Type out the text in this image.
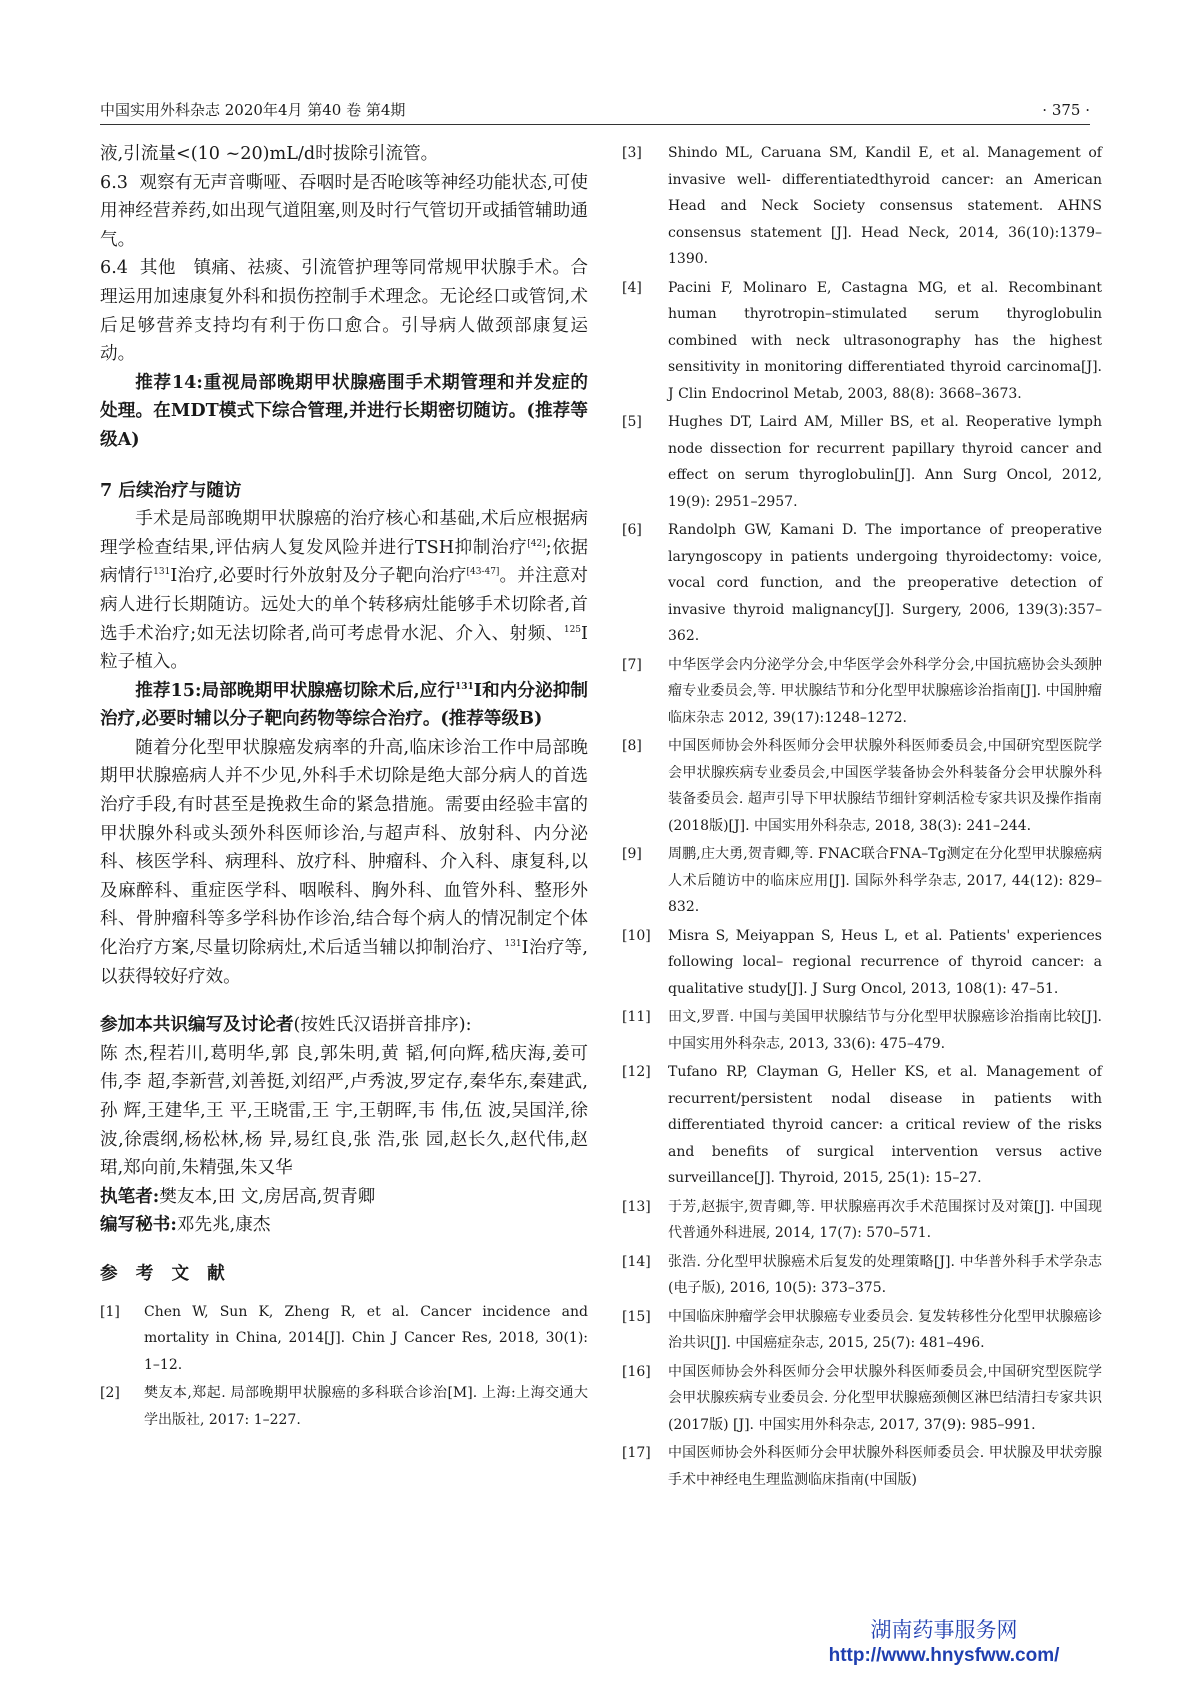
中国实用外科杂志 2020年4月 第40 卷 第4期	· 375 ·

液,引流量<(10 ~20)mL/d时拔除引流管。

6.3 观察有无声音嘶哑、吞咽时是否呛咳等神经功能状态,可使用神经营养药,如出现气道阻塞,则及时行气管切开或插管辅助通气。

6.4 其他 镇痛、祛痰、引流管护理等同常规甲状腺手术。合理运用加速康复外科和损伤控制手术理念。无论经口或管饲,术后足够营养支持均有利于伤口愈合。引导病人做颈部康复运动。

推荐14:重视局部晚期甲状腺癌围手术期管理和并发症的处理。在MDT模式下综合管理,并进行长期密切随访。(推荐等级A)

7 后续治疗与随访

手术是局部晚期甲状腺癌的治疗核心和基础,术后应根据病理学检查结果,评估病人复发风险并进行TSH抑制治疗[42];依据病情行$^{131}$I治疗,必要时行外放射及分子靶向治疗[43-47]。并注意对病人进行长期随访。远处大的单个转移病灶能够手术切除者,首选手术治疗;如无法切除者,尚可考虑骨水泥、介入、射频、$^{125}$I粒子植入。

推荐15:局部晚期甲状腺癌切除术后,应行$^{131}$I和内分泌抑制治疗,必要时辅以分子靶向药物等综合治疗。(推荐等级B)

随着分化型甲状腺癌发病率的升高,临床诊治工作中局部晚期甲状腺癌病人并不少见,外科手术切除是绝大部分病人的首选治疗手段,有时甚至是挽救生命的紧急措施。需要由经验丰富的甲状腺外科或头颈外科医师诊治,与超声科、放射科、内分泌科、核医学科、病理科、放疗科、肿瘤科、介入科、康复科,以及麻醉科、重症医学科、咽喉科、胸外科、血管外科、整形外科、骨肿瘤科等多学科协作诊治,结合每个病人的情况制定个体化治疗方案,尽量切除病灶,术后适当辅以抑制治疗、$^{131}$I治疗等,以获得较好疗效。

参加本共识编写及讨论者(按姓氏汉语拼音排序):

陈 杰,程若川,葛明华,郭 良,郭朱明,黄 韬,何向辉,嵇庆海,姜可伟,李 超,李新营,刘善挺,刘绍严,卢秀波,罗定存,秦华东,秦建武,孙 辉,王建华,王 平,王晓雷,王 宇,王朝晖,韦 伟,伍 波,吴国洋,徐 波,徐震纲,杨松林,杨 异,易红良,张 浩,张 园,赵长久,赵代伟,赵 珺,郑向前,朱精强,朱又华

执笔者:樊友本,田 文,房居高,贺青卿

编写秘书:邓先兆,康杰

参 考 文 献

[1] Chen W, Sun K, Zheng R, et al. Cancer incidence and mortality in China, 2014[J]. Chin J Cancer Res, 2018, 30(1): 1–12.
[2] 樊友本,郑起. 局部晚期甲状腺癌的多科联合诊治[M]. 上海:上海交通大学出版社, 2017: 1–227.
[3] Shindo ML, Caruana SM, Kandil E, et al. Management of invasive well- differentiatedthyroid cancer: an American Head and Neck Society consensus statement. AHNS consensus statement [J]. Head Neck, 2014, 36(10):1379–1390.
[4] Pacini F, Molinaro E, Castagna MG, et al. Recombinant human thyrotropin–stimulated serum thyroglobulin combined with neck ultrasonography has the highest sensitivity in monitoring differentiated thyroid carcinoma[J]. J Clin Endocrinol Metab, 2003, 88(8): 3668–3673.
[5] Hughes DT, Laird AM, Miller BS, et al. Reoperative lymph node dissection for recurrent papillary thyroid cancer and effect on serum thyroglobulin[J]. Ann Surg Oncol, 2012, 19(9): 2951–2957.
[6] Randolph GW, Kamani D. The importance of preoperative laryngoscopy in patients undergoing thyroidectomy: voice, vocal cord function, and the preoperative detection of invasive thyroid malignancy[J]. Surgery, 2006, 139(3):357–362.
[7] 中华医学会内分泌学分会,中华医学会外科学分会,中国抗癌协会头颈肿瘤专业委员会,等. 甲状腺结节和分化型甲状腺癌诊治指南[J]. 中国肿瘤临床杂志 2012, 39(17):1248–1272.
[8] 中国医师协会外科医师分会甲状腺外科医师委员会,中国研究型医院学会甲状腺疾病专业委员会,中国医学装备协会外科装备分会甲状腺外科装备委员会. 超声引导下甲状腺结节细针穿刺活检专家共识及操作指南(2018版)[J]. 中国实用外科杂志, 2018, 38(3): 241–244.
[9] 周鹏,庄大勇,贺青卿,等. FNAC联合FNA–Tg测定在分化型甲状腺癌病人术后随访中的临床应用[J]. 国际外科学杂志, 2017, 44(12): 829–832.
[10] Misra S, Meiyappan S, Heus L, et al. Patients' experiences following local– regional recurrence of thyroid cancer: a qualitative study[J]. J Surg Oncol, 2013, 108(1): 47–51.
[11] 田文,罗晋. 中国与美国甲状腺结节与分化型甲状腺癌诊治指南比较[J]. 中国实用外科杂志, 2013, 33(6): 475–479.
[12] Tufano RP, Clayman G, Heller KS, et al. Management of recurrent/persistent nodal disease in patients with differentiated thyroid cancer: a critical review of the risks and benefits of surgical intervention versus active surveillance[J]. Thyroid, 2015, 25(1): 15–27.
[13] 于芳,赵振宇,贺青卿,等. 甲状腺癌再次手术范围探讨及对策[J]. 中国现代普通外科进展, 2014, 17(7): 570–571.
[14] 张浩. 分化型甲状腺癌术后复发的处理策略[J]. 中华普外科手术学杂志(电子版), 2016, 10(5): 373–375.
[15] 中国临床肿瘤学会甲状腺癌专业委员会. 复发转移性分化型甲状腺癌诊治共识[J]. 中国癌症杂志, 2015, 25(7): 481–496.
[16] 中国医师协会外科医师分会甲状腺外科医师委员会,中国研究型医院学会甲状腺疾病专业委员会. 分化型甲状腺癌颈侧区淋巴结清扫专家共识(2017版) [J]. 中国实用外科杂志, 2017, 37(9): 985–991.
[17] 中国医师协会外科医师分会甲状腺外科医师委员会. 甲状腺及甲状旁腺手术中神经电生理监测临床指南(中国版)
湖南药事服务网
http://www.hnysfww.com/
